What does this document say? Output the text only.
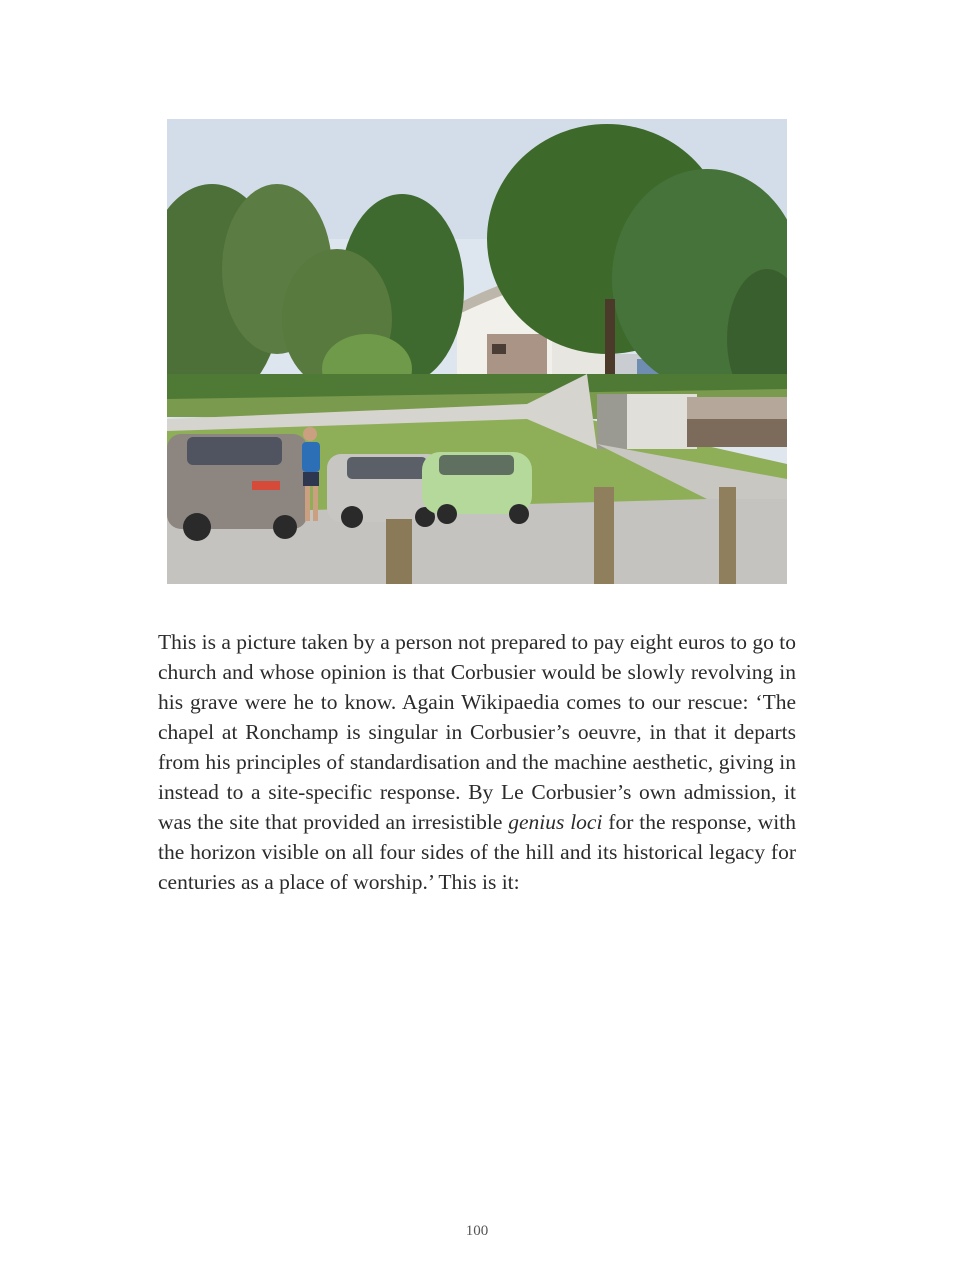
This is a picture taken by a person not prepared to pay eight euros to go to church and whose opinion is that Corbusier would be slowly revolving in his grave were he to know. Again Wikipaedia comes to our rescue: ‘The chapel at Ronchamp is singular in Corbusier’s oeuvre, in that it departs from his principles of standardisation and the machine aesthetic, giving in instead to a site-specific response. By Le Corbusier’s own admission, it was the site that provided an irresistible genius loci for the response, with the horizon visible on all four sides of the hill and its historical legacy for centuries as a place of worship.’ This is it:

100
